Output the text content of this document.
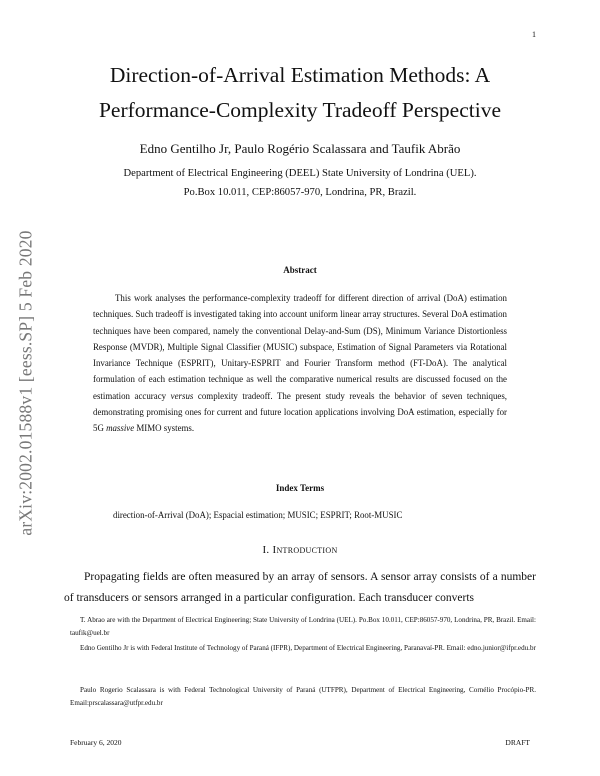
1
arXiv:2002.01588v1 [eess.SP] 5 Feb 2020
Direction-of-Arrival Estimation Methods: A
Performance-Complexity Tradeoff Perspective
Edno Gentilho Jr, Paulo Rogério Scalassara and Taufik Abrão
Department of Electrical Engineering (DEEL) State University of Londrina (UEL).
Po.Box 10.011, CEP:86057-970, Londrina, PR, Brazil.
Abstract
This work analyses the performance-complexity tradeoff for different direction of arrival (DoA) estimation techniques. Such tradeoff is investigated taking into account uniform linear array structures. Several DoA estimation techniques have been compared, namely the conventional Delay-and-Sum (DS), Minimum Variance Distortionless Response (MVDR), Multiple Signal Classifier (MUSIC) subspace, Estimation of Signal Parameters via Rotational Invariance Technique (ESPRIT), Unitary-ESPRIT and Fourier Transform method (FT-DoA). The analytical formulation of each estimation technique as well the comparative numerical results are discussed focused on the estimation accuracy versus complexity tradeoff. The present study reveals the behavior of seven techniques, demonstrating promising ones for current and future location applications involving DoA estimation, especially for 5G massive MIMO systems.
Index Terms
direction-of-Arrival (DoA); Espacial estimation; MUSIC; ESPRIT; Root-MUSIC
I. Introduction
Propagating fields are often measured by an array of sensors. A sensor array consists of a number of transducers or sensors arranged in a particular configuration. Each transducer converts
T. Abrao are with the Department of Electrical Engineering; State University of Londrina (UEL). Po.Box 10.011, CEP:86057-970, Londrina, PR, Brazil. Email: taufik@uel.br
Edno Gentilho Jr is with Federal Institute of Technology of Paraná (IFPR), Department of Electrical Engineering, Paranavaí-PR. Email: edno.junior@ifpr.edu.br
Paulo Rogerio Scalassara is with Federal Technological University of Paraná (UTFPR), Department of Electrical Engineering, Cornélio Procópio-PR. Email:prscalassara@utfpr.edu.br
February 6, 2020	DRAFT
